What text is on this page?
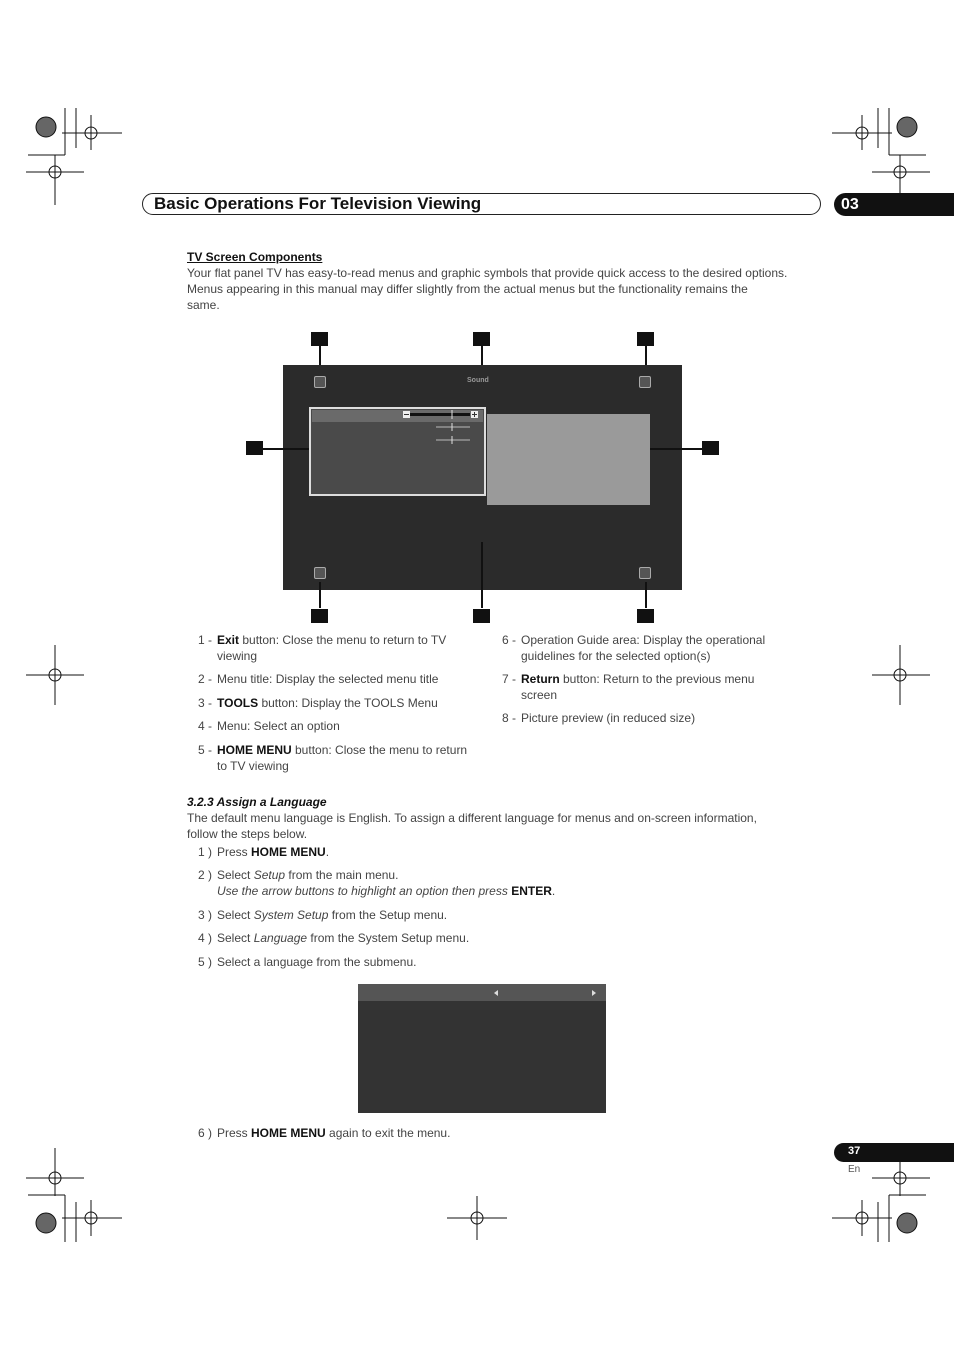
Basic Operations For Television Viewing	03
TV Screen Components
Your flat panel TV has easy-to-read menus and graphic symbols that provide quick access to the desired options.
Menus appearing in this manual may differ slightly from the actual menus but the functionality remains the
same.
Sound
1 - Exit button: Close the menu to return to TV
viewing
2 - Menu title: Display the selected menu title
3 - TOOLS button: Display the TOOLS Menu
4 - Menu: Select an option
5 - HOME MENU button: Close the menu to return
to TV viewing
6 - Operation Guide area: Display the operational
guidelines for the selected option(s)
7 - Return button: Return to the previous menu
screen
8 - Picture preview (in reduced size)
3.2.3 Assign a Language
The default menu language is English. To assign a different language for menus and on-screen information,
follow the steps below.
1 ) Press HOME MENU.
2 ) Select Setup from the main menu.
Use the arrow buttons to highlight an option then press ENTER.
3 ) Select System Setup from the Setup menu.
4 ) Select Language from the System Setup menu.
5 ) Select a language from the submenu.
6 ) Press HOME MENU again to exit the menu.
37
En
